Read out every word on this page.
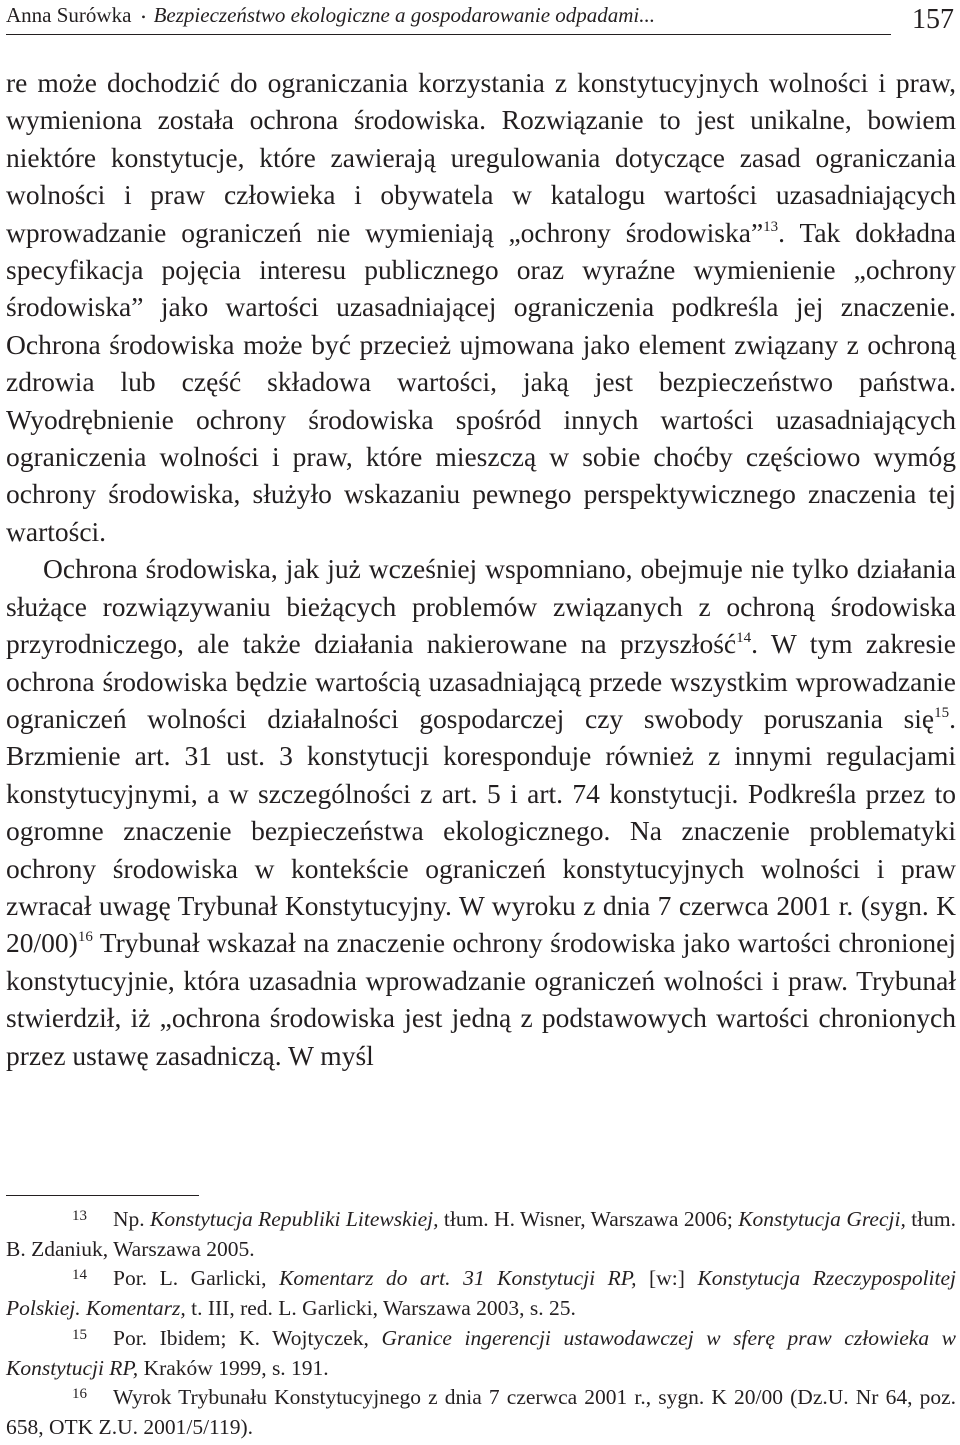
Anna Surówka • Bezpieczeństwo ekologiczne a gospodarowanie odpadami...	157

re może dochodzić do ograniczania korzystania z konstytucyjnych wolności i praw, wymieniona została ochrona środowiska. Rozwiązanie to jest unikalne, bowiem niektóre konstytucje, które zawierają uregulowania dotyczące zasad ograniczania wolności i praw człowieka i obywatela w katalogu wartości uzasadniających wprowadzanie ograniczeń nie wymieniają „ochrony środowiska”$^{13}$. Tak dokładna specyfikacja pojęcia interesu publicznego oraz wyraźne wymienienie „ochrony środowiska” jako wartości uzasadniającej ograniczenia podkreśla jej znaczenie. Ochrona środowiska może być przecież ujmowana jako element związany z ochroną zdrowia lub część składowa wartości, jaką jest bezpieczeństwo państwa. Wyodrębnienie ochrony środowiska spośród innych wartości uzasadniających ograniczenia wolności i praw, które mieszczą w sobie choćby częściowo wymóg ochrony środowiska, służyło wskazaniu pewnego perspektywicznego znaczenia tej wartości.

Ochrona środowiska, jak już wcześniej wspomniano, obejmuje nie tylko działania służące rozwiązywaniu bieżących problemów związanych z ochroną środowiska przyrodniczego, ale także działania nakierowane na przyszłość$^{14}$. W tym zakresie ochrona środowiska będzie wartością uzasadniającą przede wszystkim wprowadzanie ograniczeń wolności działalności gospodarczej czy swobody poruszania się$^{15}$. Brzmienie art. 31 ust. 3 konstytucji koresponduje również z innymi regulacjami konstytucyjnymi, a w szczególności z art. 5 i art. 74 konstytucji. Podkreśla przez to ogromne znaczenie bezpieczeństwa ekologicznego. Na znaczenie problematyki ochrony środowiska w kontekście ograniczeń konstytucyjnych wolności i praw zwracał uwagę Trybunał Konstytucyjny. W wyroku z dnia 7 czerwca 2001 r. (sygn. K 20/00)$^{16}$ Trybunał wskazał na znaczenie ochrony środowiska jako wartości chronionej konstytucyjnie, która uzasadnia wprowadzanie ograniczeń wolności i praw. Trybunał stwierdził, iż „ochrona środowiska jest jedną z podstawowych wartości chronionych przez ustawę zasadniczą. W myśl

13 Np. Konstytucja Republiki Litewskiej, tłum. H. Wisner, Warszawa 2006; Konstytucja Grecji, tłum. B. Zdaniuk, Warszawa 2005.

14 Por. L. Garlicki, Komentarz do art. 31 Konstytucji RP, [w:] Konstytucja Rzeczypospolitej Polskiej. Komentarz, t. III, red. L. Garlicki, Warszawa 2003, s. 25.

15 Por. Ibidem; K. Wojtyczek, Granice ingerencji ustawodawczej w sferę praw człowieka w Konstytucji RP, Kraków 1999, s. 191.

16 Wyrok Trybunału Konstytucyjnego z dnia 7 czerwca 2001 r., sygn. K 20/00 (Dz.U. Nr 64, poz. 658, OTK Z.U. 2001/5/119).
